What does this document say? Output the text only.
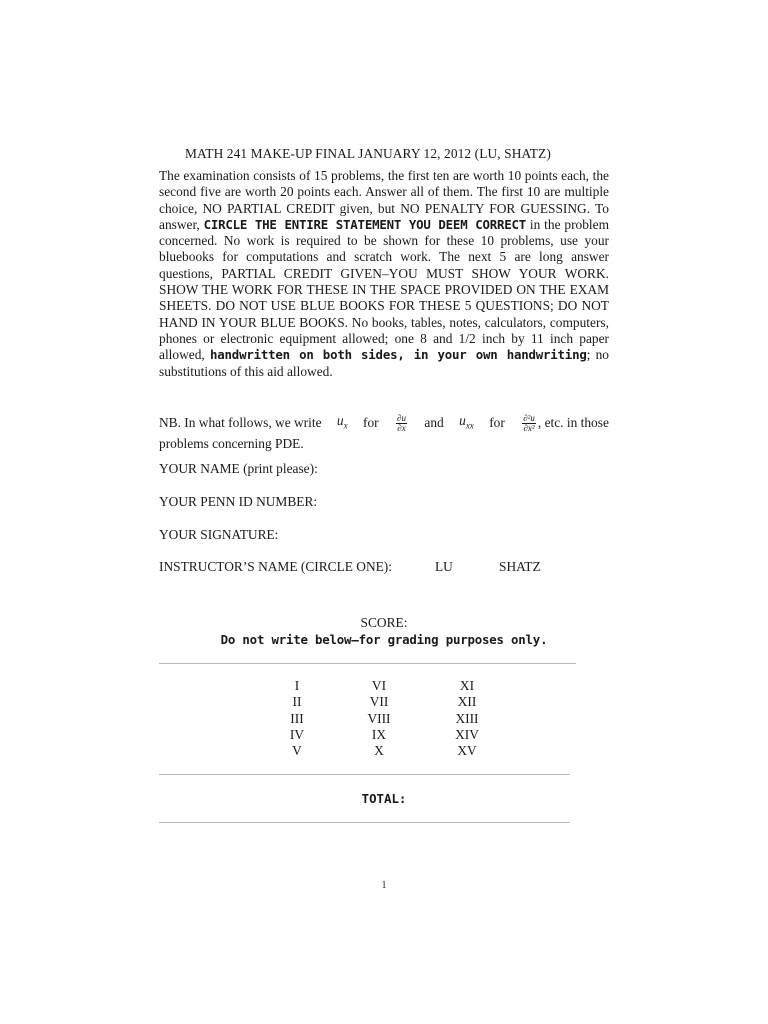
MATH 241 MAKE-UP FINAL JANUARY 12, 2012 (LU, SHATZ)
The examination consists of 15 problems, the first ten are worth 10 points each, the second five are worth 20 points each. Answer all of them. The first 10 are multiple choice, NO PARTIAL CREDIT given, but NO PENALTY FOR GUESSING. To answer, CIRCLE THE ENTIRE STATEMENT YOU DEEM CORRECT in the problem concerned. No work is required to be shown for these 10 problems, use your bluebooks for computations and scratch work. The next 5 are long answer questions, PARTIAL CREDIT GIVEN–YOU MUST SHOW YOUR WORK. SHOW THE WORK FOR THESE IN THE SPACE PROVIDED ON THE EXAM SHEETS. DO NOT USE BLUE BOOKS FOR THESE 5 QUESTIONS; DO NOT HAND IN YOUR BLUE BOOKS. No books, tables, notes, calculators, computers, phones or electronic equipment allowed; one 8 and 1/2 inch by 11 inch paper allowed, handwritten on both sides, in your own handwriting; no substitutions of this aid allowed.
NB. In what follows, we write $u_x$ for $\frac{\partial u}{\partial x}$ and $u_{xx}$ for $\frac{\text{∂²u}}{\text{∂x²}}$ , etc. in those
problems concerning PDE.
YOUR NAME (print please):
YOUR PENN ID NUMBER:
YOUR SIGNATURE:
INSTRUCTOR’S NAME (CIRCLE ONE):	LU	SHATZ
SCORE:
Do not write below–for grading purposes only.
I
II
III
IV
V
VI
VII
VIII
IX
X
XI
XII
XIII
XIV
XV
TOTAL:
1
